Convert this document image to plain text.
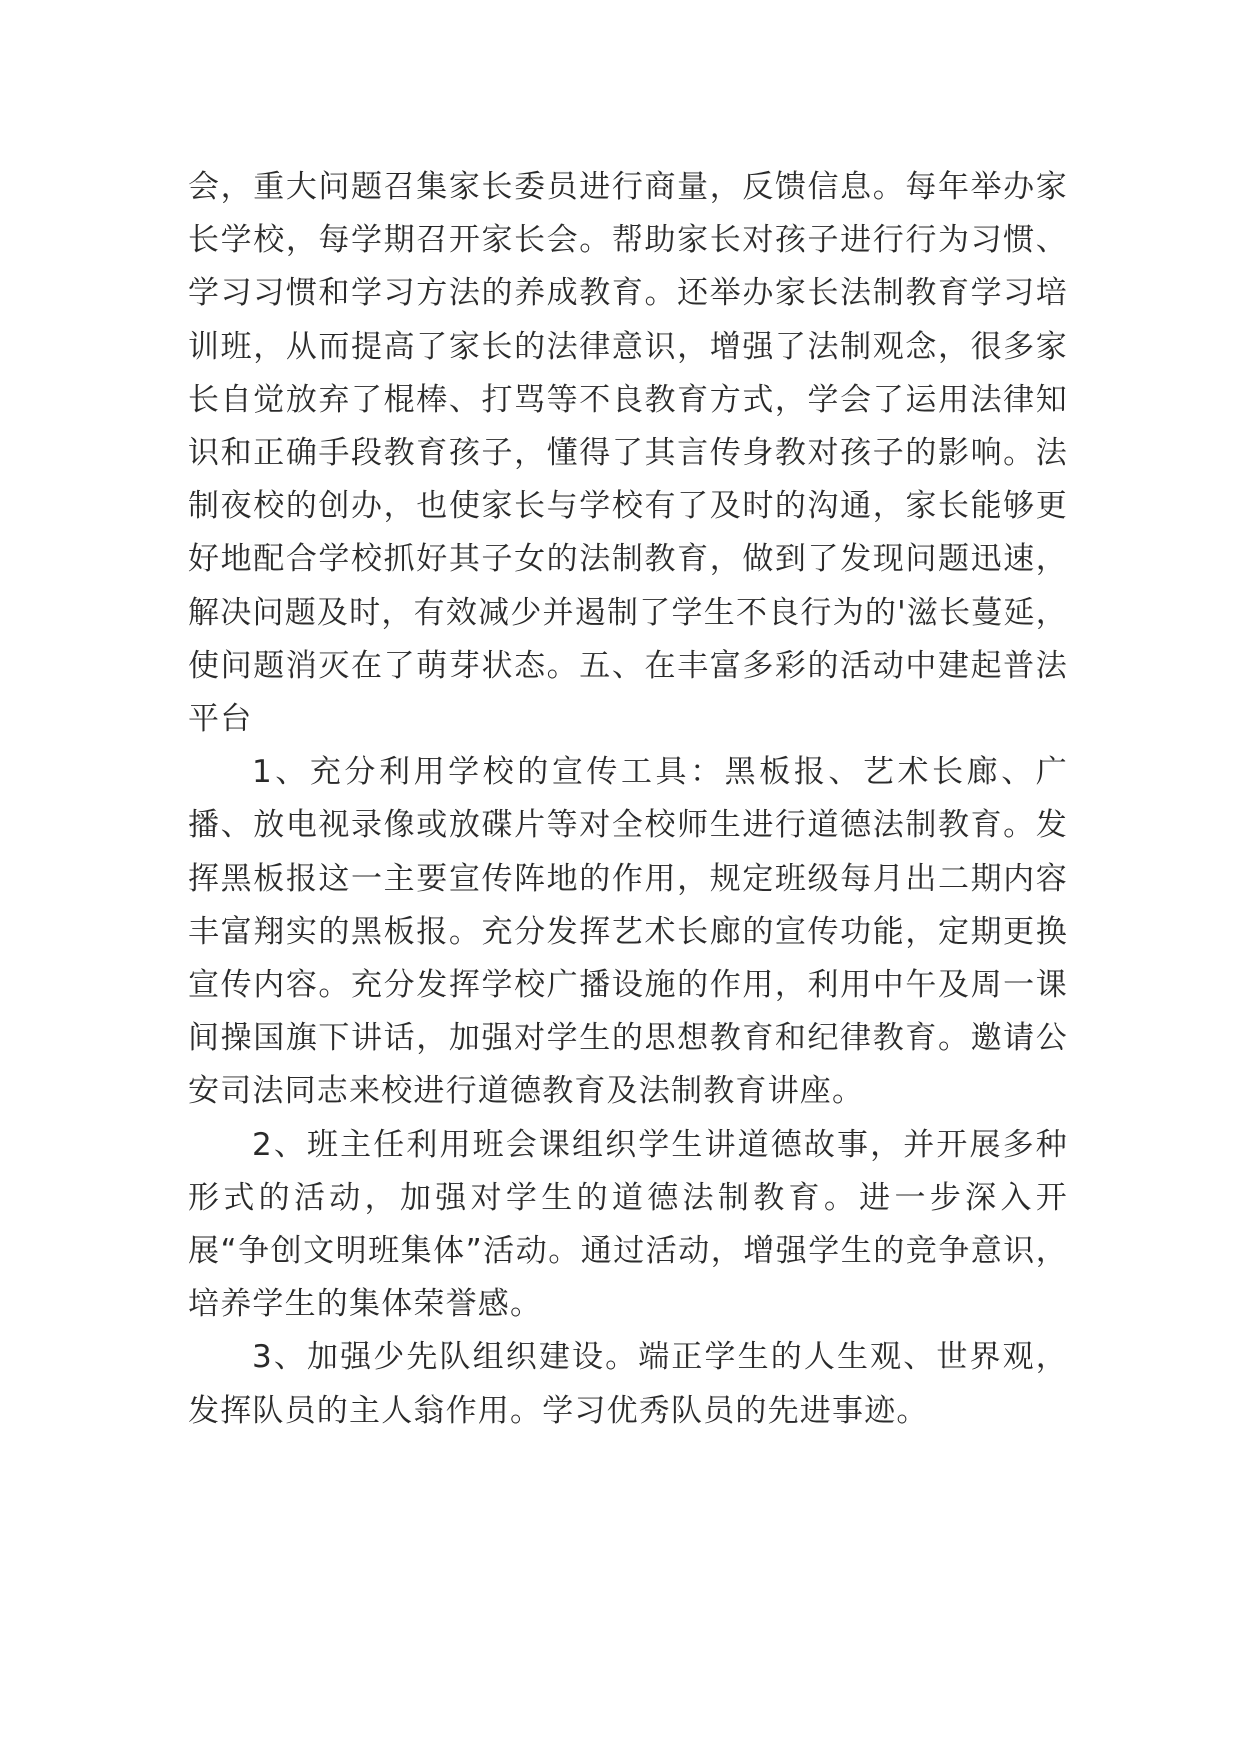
会，重大问题召集家长委员进行商量，反馈信息。每年举办家长学校，每学期召开家长会。帮助家长对孩子进行行为习惯、学习习惯和学习方法的养成教育。还举办家长法制教育学习培训班，从而提高了家长的法律意识，增强了法制观念，很多家长自觉放弃了棍棒、打骂等不良教育方式，学会了运用法律知识和正确手段教育孩子，懂得了其言传身教对孩子的影响。法制夜校的创办，也使家长与学校有了及时的沟通，家长能够更好地配合学校抓好其子女的法制教育，做到了发现问题迅速，解决问题及时，有效减少并遏制了学生不良行为的'滋长蔓延，使问题消灭在了萌芽状态。五、在丰富多彩的活动中建起普法平台

1、充分利用学校的宣传工具：黑板报、艺术长廊、广播、放电视录像或放碟片等对全校师生进行道德法制教育。发挥黑板报这一主要宣传阵地的作用，规定班级每月出二期内容丰富翔实的黑板报。充分发挥艺术长廊的宣传功能，定期更换宣传内容。充分发挥学校广播设施的作用，利用中午及周一课间操国旗下讲话，加强对学生的思想教育和纪律教育。邀请公安司法同志来校进行道德教育及法制教育讲座。

2、班主任利用班会课组织学生讲道德故事，并开展多种形式的活动，加强对学生的道德法制教育。进一步深入开展“争创文明班集体”活动。通过活动，增强学生的竞争意识，培养学生的集体荣誉感。

3、加强少先队组织建设。端正学生的人生观、世界观，发挥队员的主人翁作用。学习优秀队员的先进事迹。
